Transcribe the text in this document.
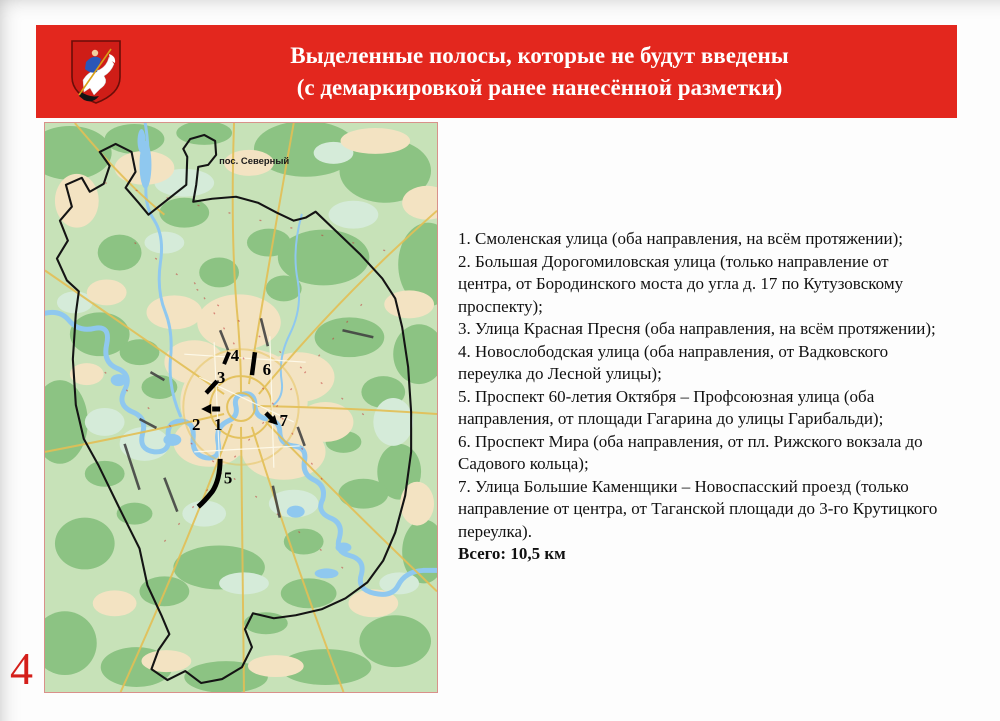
Выделенные полосы, которые не будут введены
(с демаркировкой ранее нанесённой разметки)
пос. Северный
4
3 6
2 1	7
5

1. Смоленская улица (оба направления, на всём протяжении);

2. Большая Дорогомиловская улица (только направление от центра, от Бородинского моста до угла д. 17 по Кутузовскому проспекту);

3. Улица Красная Пресня (оба направления, на всём протяжении);

4. Новослободская улица (оба направления, от Вадковского переулка до Лесной улицы);

5. Проспект 60-летия Октября – Профсоюзная улица (оба направления, от площади Гагарина до улицы Гарибальди);

6. Проспект Мира (оба направления, от пл. Рижского вокзала до Садового кольца);

7. Улица Большие Каменщики – Новоспасский проезд (только направление от центра, от Таганской площади до 3-го Крутицкого переулка).

Всего: 10,5 км

4
